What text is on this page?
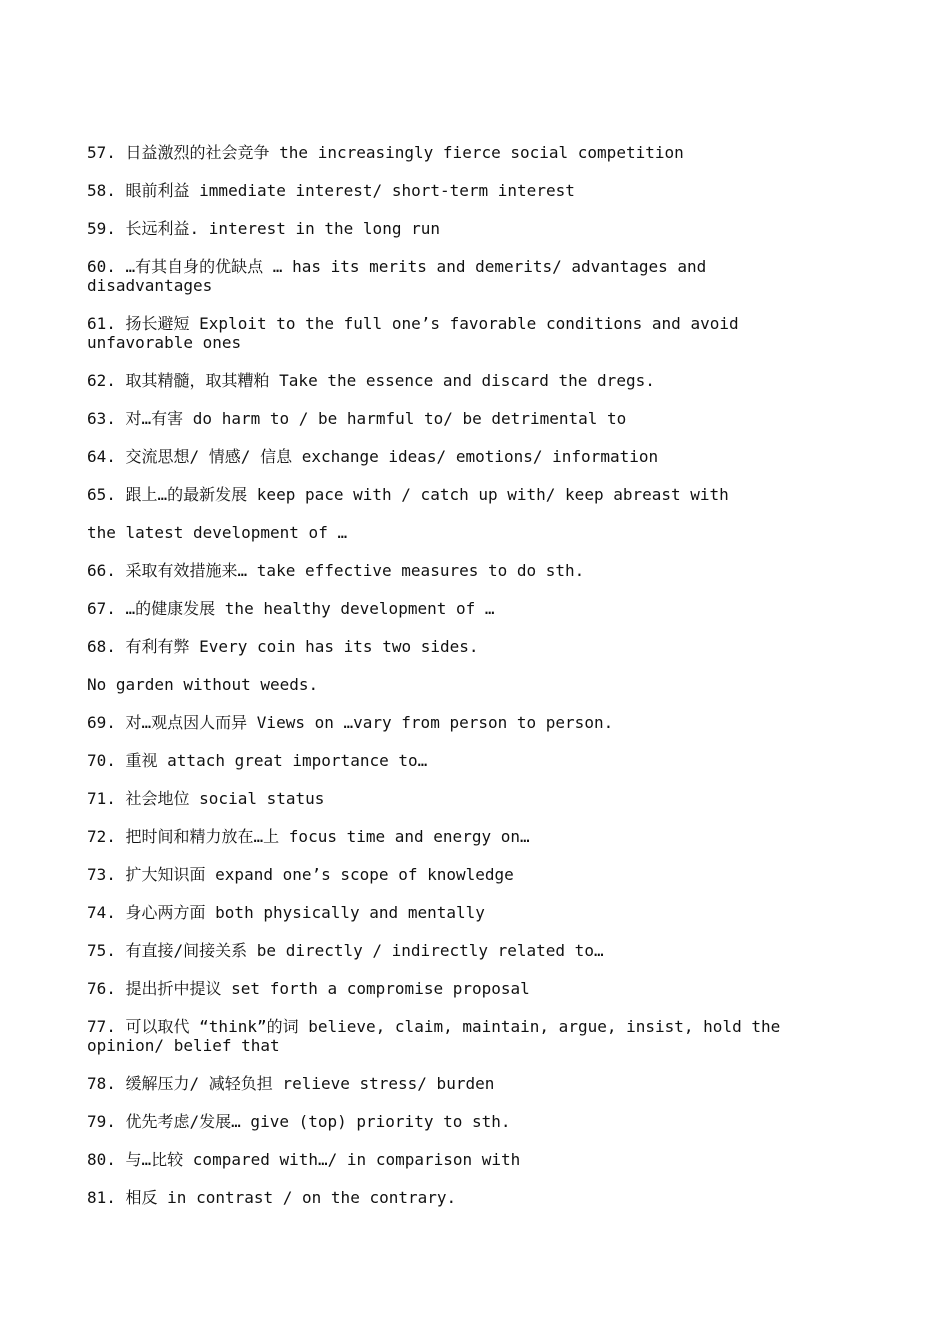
57. 日益激烈的社会竞争 the increasingly fierce social competition
58. 眼前利益 immediate interest/ short-term interest
59. 长远利益. interest in the long run
60. …有其自身的优缺点 … has its merits and demerits/ advantages and disadvantages
61. 扬长避短 Exploit to the full one’s favorable conditions and avoid unfavorable ones
62. 取其精髓，取其糟粕 Take the essence and discard the dregs.
63. 对…有害 do harm to / be harmful to/ be detrimental to
64. 交流思想/ 情感/ 信息 exchange ideas/ emotions/ information
65. 跟上…的最新发展 keep pace with / catch up with/ keep abreast with
the latest development of …
66. 采取有效措施来… take effective measures to do sth.
67. …的健康发展 the healthy development of …
68. 有利有弊 Every coin has its two sides.
No garden without weeds.
69. 对…观点因人而异 Views on …vary from person to person.
70. 重视 attach great importance to…
71. 社会地位 social status
72. 把时间和精力放在…上 focus time and energy on…
73. 扩大知识面 expand one’s scope of knowledge
74. 身心两方面 both physically and mentally
75. 有直接/间接关系 be directly / indirectly related to…
76. 提出折中提议 set forth a compromise proposal
77. 可以取代 “think”的词 believe, claim, maintain, argue, insist, hold the opinion/ belief that
78. 缓解压力/ 减轻负担 relieve stress/ burden
79. 优先考虑/发展… give (top) priority to sth.
80. 与…比较 compared with…/ in comparison with
81. 相反 in contrast / on the contrary.
